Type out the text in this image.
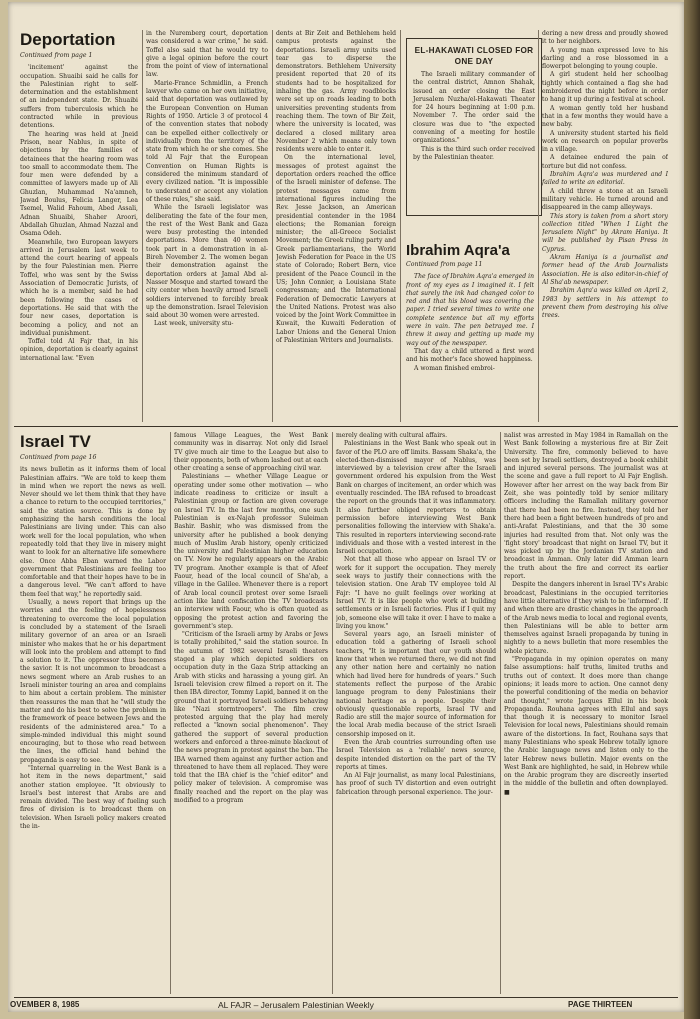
Deportation
Continued from page 1

'incitement' against the occupation. Shuaibi said he calls for the Palestinian right to self-determination and the establishment of an independent state. Dr. Shuaibi suffers from tuberculosis which he contracted while in previous detentions.

The hearing was held at Jneid Prison, near Nablus, in spite of objections by the families of detainees that the hearing room was too small to accommodate them. The four men were defended by a committee of lawyers made up of Ali Ghuzlan, Muhammad Na'amneh, Jawad Boulus, Felicia Langer, Lea Tsemel, Walid Fahoum, Abed Assali, Adnan Shuaibi, Shaher Aroori, Abdallah Ghuzlan, Ahmad Nazzal and Osama Odeh.

Meanwhile, two European lawyers arrived in Jerusalem last week to attend the court hearing of appeals by the four Palestinian men. Pierre Toffel, who was sent by the Swiss Association of Democratic Jurists, of which he is a member, said he had been following the cases of deportations. He said that with the four new cases, deportation is becoming a policy, and not an individual punishment.

Toffel told Al Fajr that, in his opinion, deportation is clearly against international law. "Even

in the Nuremberg court, deportation was considered a war crime," he said. Toffel also said that he would try to give a legal opinion before the court from the point of view of international law.

Marie-France Schmidlin, a French lawyer who came on her own initiative, said that deportation was outlawed by the European Convention on Human Rights of 1950. Article 3 of protocol 4 of the convention states that nobody can be expelled either collectively or individually from the territory of the state from which he or she comes. She told Al Fajr that the European Convention on Human Rights is considered the minimum standard of every civilized nation. "It is impossible to understand or accept any violation of these rules," she said.

While the Israeli legislator was deliberating the fate of the four men, the rest of the West Bank and Gaza were busy protesting the intended deportations. More than 40 women took part in a demonstration in al-Bireh November 2. The women began their demonstration against the deportation orders at Jamal Abd al-Nasser Mosque and started toward the city center when heavily armed Israeli soldiers intervened to forcibly break up the demonstration. Israel Television said about 30 women were arrested.

Last week, university stu-

dents at Bir Zeit and Bethlehem held campus protests against the deportations. Israeli army units used tear gas to disperse the demonstrators. Bethlehem University president reported that 20 of its students had to be hospitalized for inhaling the gas. Army roadblocks were set up on roads leading to both universities preventing students from reaching them. The town of Bir Zeit, where the university is located, was declared a closed military area November 2 which means only town residents were able to enter it.

On the international level, messages of protest against the deportation orders reached the office of the Israeli minister of defense. The protest messages came from international figures including the Rev. Jesse Jackson, an American presidential contender in the 1984 elections; the Romanian foreign minister; the all-Greece Socialist Movement; the Greek ruling party and Greek parliamentarians, the World Jewish Federation for Peace in the US state of Colorado; Robert Bern, vice president of the Peace Council in the US; John Connier, a Louisiana State congressman; and the International Federation of Democratic Lawyers at the United Nations. Protest was also voiced by the Joint Work Committee in Kuwait, the Kuwaiti Federation of Labor Unions and the General Union of Palestinian Writers and Journalists.

EL-HAKAWATI CLOSED FOR ONE DAY

The Israeli military commander of the central district, Amnon Shahak, issued an order closing the East Jerusalem Nuzha/el-Hakawati Theater for 24 hours beginning at 1:00 p.m. November 7. The order said the closure was due to "the expected convening of a meeting for hostile organizations."

This is the third such order received by the Palestinian theater.

Ibrahim Aqra'a
Continued from page 11

The face of Ibrahim Aqra'a emerged in front of my eyes as I imagined it. I felt that surely the ink had changed color to red and that his blood was covering the paper. I tried several times to write one complete sentence but all my efforts were in vain. The pen betrayed me. I threw it away and getting up made my way out of the newspaper.

That day a child uttered a first word and his mother's face showed happiness.

A woman finished embroi-

dering a new dress and proudly showed it to her neighbors.

A young man expressed love to his darling and a rose blossomed in a flowerpot belonging to young couple.

A girl student held her schoolbag tightly which contained a flag she had embroidered the night before in order to hang it up during a festival at school.

A woman gently told her husband that in a few months they would have a new baby.

A university student started his field work on research on popular proverbs in a village.

A detainee endured the pain of torture but did not confess.

Ibrahim Aqra'a was murdered and I failed to write an editorial.

A child threw a stone at an Israeli military vehicle. He turned around and disappeared in the camp alleyways.

This story is taken from a short story collection titled "When I Light the Jerusalem Night" by Akram Haniya. It will be published by Pisan Press in Cyprus.

Akram Haniya is a journalist and former head of the Arab Journalists Association. He is also editor-in-chief of Al Sha'ab newspaper.

Ibrahim Aqra'a was killed on April 2, 1983 by settlers in his attempt to prevent them from destroying his olive trees.

Israel TV
Continued from page 16

its news bulletin as it informs them of local Palestinian affairs. "We are told to keep them in mind when we report the news as well. Never should we let them think that they have a chance to return to the occupied territories," said the station source. This is done by emphasizing the harsh conditions the local Palestinians are living under. This can also work well for the local population, who when repeatedly told that they live in misery might want to look for an alternative life somewhere else. Once Abba Eban warned the Labor government that Palestinians are feeling too comfortable and that their hopes have to be in a dangerous level. "We can't afford to have them feel that way," he reportedly said.

Usually, a news report that brings up the worries and the feeling of hopelessness threatening to overcome the local population is concluded by a statement of the Israeli military governor of an area or an Israeli minister who makes that he or his department will look into the problem and attempt to find a solution to it. The oppressor thus becomes the savior. It is not uncommon to broadcast a news segment where an Arab rushes to an Israeli minister touring an area and complains to him about a certain problem. The minister then reassures the man that he "will study the matter and do his best to solve the problem in the framework of peace between Jews and the residents of the administered area." To a simple-minded individual this might sound encouraging, but to those who read between the lines, the official hand behind the propaganda is easy to see.

"Internal quarreling in the West Bank is a hot item in the news department," said another station employee. "It obviously to Israel's best interest that Arabs are and remain divided. The best way of fueling such fires of division is to broadcast them on television. When Israeli policy makers created the in-

famous Village Leagues, the West Bank community was in disarray. Not only did Israel TV give much air time to the League but also to their opponents, both of whom lashed out at each other creating a sense of approaching civil war.

Palestinians — whether Village League or operating under some other motivation — who indicate readiness to criticize or insult a Palestinian group or faction are given coverage on Israel TV. In the last few months, one such Palestinian is ex-Najah professor Suleiman Bashir. Bashir, who was dismissed from the university after he published a book denying much of Muslim Arab history, openly criticized the university and Palestinian higher education on TV. Now he regularly appears on the Arabic TV program. Another example is that of Afeef Faour, head of the local council of Sha'ab, a village in the Galilee. Whenever there is a report of Arab local council protest over some Israeli action like land confiscation the TV broadcasts an interview with Faour, who is often quoted as opposing the protest action and favoring the government's step.

"Criticism of the Israeli army by Arabs or Jews is totally prohibited," said the station source. In the autumn of 1982 several Israeli theaters staged a play which depicted soldiers on occupation duty in the Gaza Strip attacking an Arab with sticks and harassing a young girl. An Israeli television crew filmed a report on it. The then IBA director, Tommy Lapid, banned it on the ground that it portrayed Israeli soldiers behaving like "Nazi stormtroopers". The film crew protested arguing that the play had merely reflected a "known social phenomenon". They gathered the support of several production workers and enforced a three-minute blackout of the news program in protest against the ban. The IBA warned them against any further action and threatened to have them all replaced. They were told that the IBA chief is the "chief editor" and policy maker of television. A compromise was finally reached and the report on the play was modified to a program

merely dealing with cultural affairs.

Palestinians in the West Bank who speak out in favor of the PLO are off limits. Bassam Shaka'a, the elected-then-dismissed mayor of Nablus, was interviewed by a television crew after the Israeli government ordered his expulsion from the West Bank on charges of incitement, an order which was eventually rescinded. The IBA refused to broadcast the report on the grounds that it was inflammatory. It also further obliged reporters to obtain permission before interviewing West Bank personalities following the interview with Shaka'a. This resulted in reporters interviewing second-rate individuals and those with a vested interest in the Israeli occupation.

Not that all those who appear on Israel TV or work for it support the occupation. They merely seek ways to justify their connections with the television station. One Arab TV employee told Al Fajr: "I have no guilt feelings over working at Israel TV. It is like people who work at building settlements or in Israeli factories. Plus if I quit my job, someone else will take it over. I have to make a living you know."

Several years ago, an Israeli minister of education told a gathering of Israeli school teachers, "It is important that our youth should know that when we returned there, we did not find any other nation here and certainly no nation which had lived here for hundreds of years." Such statements reflect the purpose of the Arabic language program to deny Palestinians their national heritage as a people. Despite their obviously questionable reports, Israel TV and Radio are still the major source of information for the local Arab media because of the strict Israeli censorship imposed on it.

Even the Arab countries surrounding often use Israel Television as a 'reliable' news source, despite intended distortion on the part of the TV reports at times.

An Al Fajr journalist, as many local Palestinians, has proof of such TV distortion and even outright fabrication through personal experience. The jour-

nalist was arrested in May 1984 in Ramallah on the West Bank following a mysterious fire at Bir Zeit University. The fire, commonly believed to have been set by Israeli settlers, destroyed a book exhibit and injured several persons. The journalist was at the scene and gave a full report to Al Fajr English. However after her arrest on the way back from Bir Zeit, she was pointedly told by senior military officers including the Ramallah military governor that there had been no fire. Instead, they told her there had been a fight between hundreds of pro and anti-Arafat Palestinians, and that the 30 some injuries had resulted from that. Not only was the 'fight story' broadcast that night on Israel TV, but it was picked up by the Jordanian TV station and broadcast in Amman. Only later did Amman learn the truth about the fire and correct its earlier report.

Despite the dangers inherent in Israel TV's Arabic broadcast, Palestinians in the occupied territories have little alternative if they wish to be 'informed'. If and when there are drastic changes in the approach of the Arab news media to local and regional events, then Palestinians will be able to better arm themselves against Israeli propaganda by tuning in nightly to a news bulletin that more resembles the whole picture.

"Propaganda in my opinion operates on many false assumptions: half truths, limited truths and truths out of context. It does more than change opinions; it leads more to action. One cannot deny the powerful conditioning of the media on behavior and thought," wrote Jacques Ellul in his book Propaganda. Rouhana agrees with Ellul and says that though it is necessary to monitor Israel Television for local news, Palestinians should remain aware of the distortions. In fact, Rouhana says that many Palestinians who speak Hebrew totally ignore the Arabic language news and listen only to the later Hebrew news bulletin. Major events on the West Bank are highlighted, he said, in Hebrew while on the Arabic program they are discreetly inserted in the middle of the bulletin and often downplayed. ■

OVEMBER 8, 1985	AL FAJR – Jerusalem Palestinian Weekly	PAGE THIRTEEN
